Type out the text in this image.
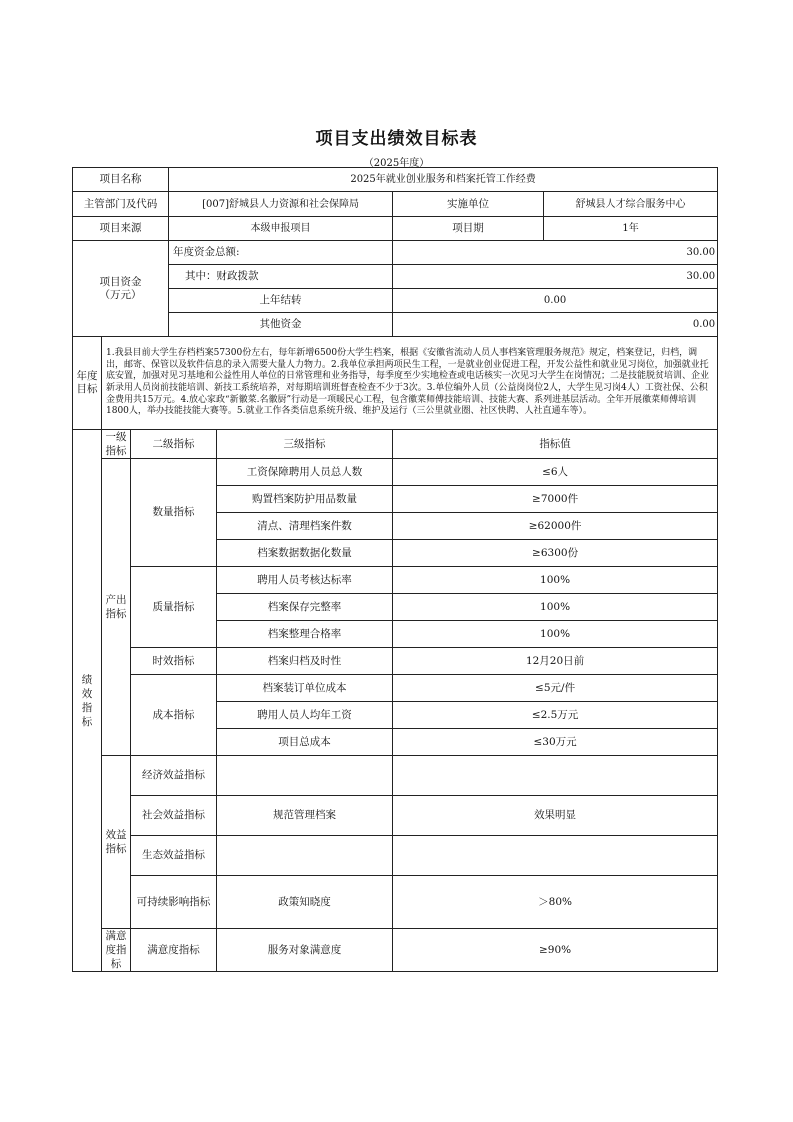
项目支出绩效目标表
（2025年度）
项目名称			2025年就业创业服务和档案托管工作经费			
主管部门及代码			[007]舒城县人力资源和社会保障局		实施单位	舒城县人才综合服务中心
项目来源			本级申报项目		项目期	1年

项目资金
（万元）			年度资金总额:		30.00	
			其中：财政拨款		30.00	
			上年结转		0.00	
			其他资金		0.00	

年度
目标	1.我县目前大学生存档档案57300份左右，每年新增6500份大学生档案，根据《安徽省流动人员人事档案管理服务规范》规定，档案登记，归档，调出，邮寄、保管以及软件信息的录入需要大量人力物力。2.我单位承担两项民生工程，一是就业创业促进工程，开发公益性和就业见习岗位，加强就业托底安置，加强对见习基地和公益性用人单位的日常管理和业务指导，每季度至少实地检查或电话核实一次见习大学生在岗情况；二是技能脱贫培训、企业新录用人员岗前技能培训、新技工系统培养，对每期培训班督查检查不少于3次。3.单位编外人员（公益岗岗位2人，大学生见习岗4人）工资社保、公积金费用共15万元。4.放心家政“新徽菜.名徽厨”行动是一项暖民心工程，包含徽菜师傅技能培训、技能大赛、系列进基层活动。全年开展徽菜师傅培训1800人，举办技能技能大赛等。5.就业工作各类信息系统升级、维护及运行（三公里就业圈、社区快聘、人社直通车等）。					

绩效指标	一级指标	二级指标		三级指标	指标值	

	产出指标	数量指标		工资保障聘用人员总人数	≤6人	
				购置档案防护用品数量	≥7000件	
				清点、清理档案件数	≥62000件	
				档案数据数据化数量	≥6300份	
		质量指标		聘用人员考核达标率	100%	
				档案保存完整率	100%	
				档案整理合格率	100%	
		时效指标		档案归档及时性	12月20日前	
		成本指标		档案装订单位成本	≤5元/件	
				聘用人员人均年工资	≤2.5万元	
				项目总成本	≤30万元	

	效益指标	经济效益指标				
		社会效益指标		规范管理档案	效果明显	
		生态效益指标				
		可持续影响指标		政策知晓度	＞80%	

	满意度指标	满意度指标		服务对象满意度	≥90%	
